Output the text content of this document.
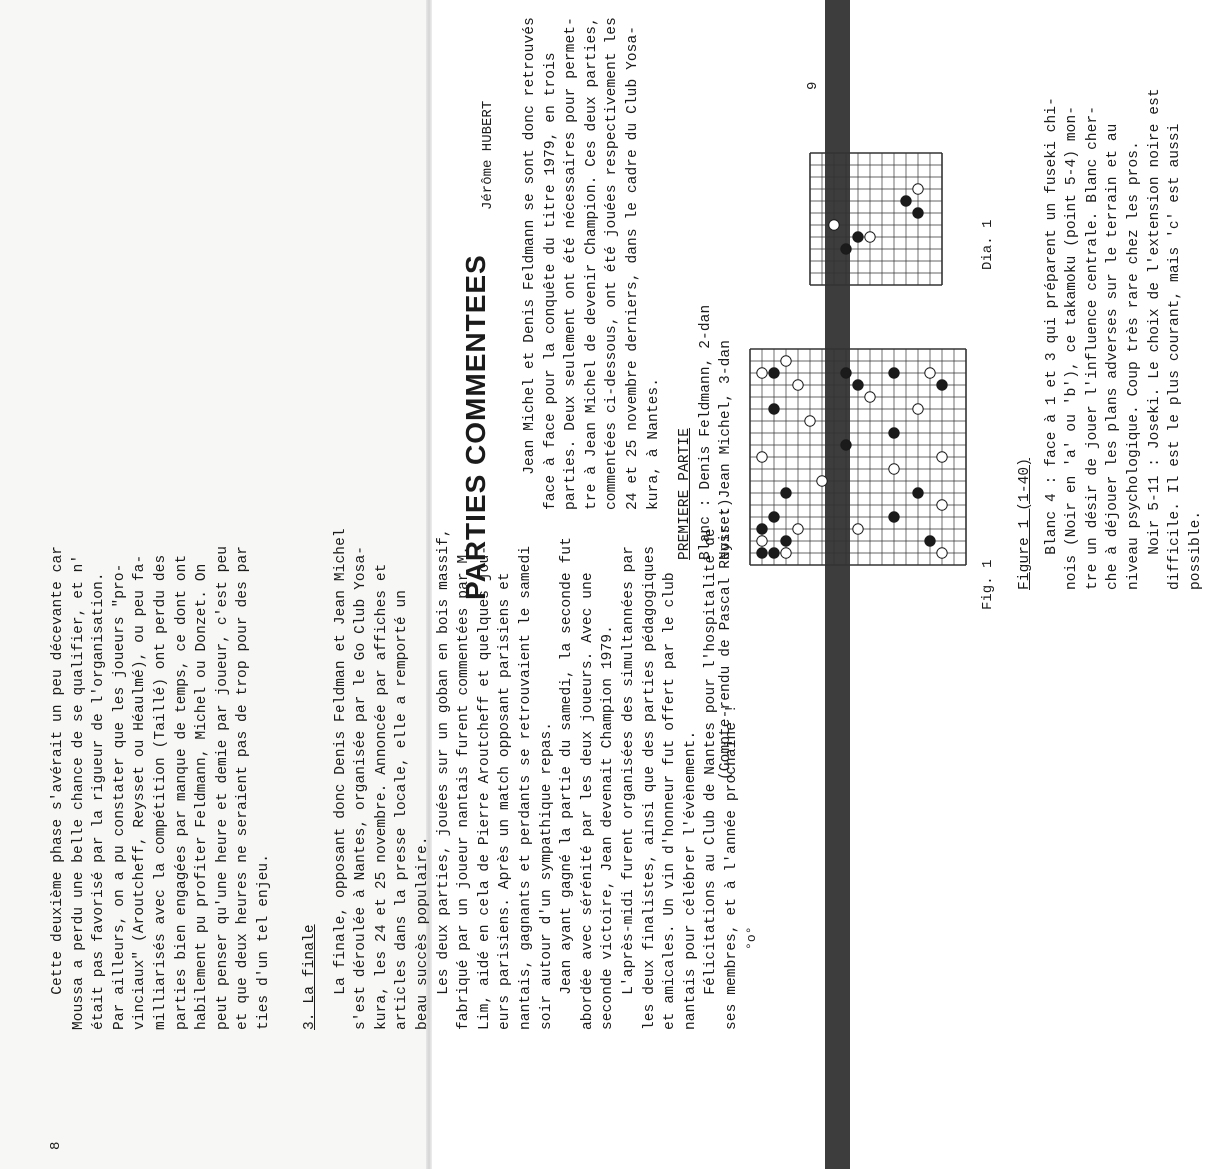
8
Cette deuxième phase s'avérait un peu décevante car Moussa a perdu une belle chance de se qualifier, et n' était pas favorisé par la rigueur de l'organisation. Par ailleurs, on a pu constater que les joueurs "pro- vinciaux" (Aroutcheff, Reysset ou Héaulmé), ou peu fa- milliarisés avec la compétition (Taillé) ont perdu des parties bien engagées par manque de temps, ce dont ont habilement pu profiter Feldmann, Michel ou Donzet. On peut penser qu'une heure et demie par joueur, c'est peu et que deux heures ne seraient pas de trop pour des par ties d'un tel enjeu. 3. La finale La finale, opposant donc Denis Feldman et Jean Michel s'est déroulée à Nantes, organisée par le Go Club Yosa- kura, les 24 et 25 novembre. Annoncée par affiches et articles dans la presse locale, elle a remporté un beau succès populaire. Les deux parties, jouées sur un goban en bois massif, fabriqué par un joueur nantais furent commentées par M. Lim, aidé en cela de Pierre Aroutcheff et quelques jou- eurs parisiens. Après un match opposant parisiens et nantais, gagnants et perdants se retrouvaient le samedi soir autour d'un sympathique repas. Jean ayant gagné la partie du samedi, la seconde fut abordée avec sérénité par les deux joueurs. Avec une seconde victoire, Jean devenait Champion 1979. L'après-midi furent organisées des simultannées par les deux finalistes, ainsi que des parties pédagogiques et amicales. Un vin d'honneur fut offert par le club nantais pour célébrer l'évènement. Félicitations au Club de Nantes pour l'hospitalité de ses membres, et à l'année prochaine !
(Compte-rendu de Pascal Reysset)
°o°
9
PARTIES COMMENTEES
Jérôme HUBERT Jean Michel et Denis Feldmann se sont donc retrouvés face à face pour la conquête du titre 1979, en trois parties. Deux seulement ont été nécessaires pour permet- tre à Jean Michel de devenir Champion. Ces deux parties, commentées ci-dessous, ont été jouées respectivement les 24 et 25 novembre derniers, dans le cadre du Club Yosa- kura, à Nantes. PREMIERE PARTIE Blanc : Denis Feldmann, 2-dan Noir : Jean Michel, 3-dan
Fig. 1
Dia. 1
Figure 1 (1-40) Blanc 4 : face à 1 et 3 qui préparent un fuseki chi- nois (Noir en 'a' ou 'b'), ce takamoku (point 5-4) mon- tre un désir de jouer l'influence centrale. Blanc cher- che à déjouer les plans adverses sur le terrain et au niveau psychologique. Coup très rare chez les pros. Noir 5-11 : Joseki. Le choix de l'extension noire est difficile. Il est le plus courant, mais 'c' est aussi possible.
